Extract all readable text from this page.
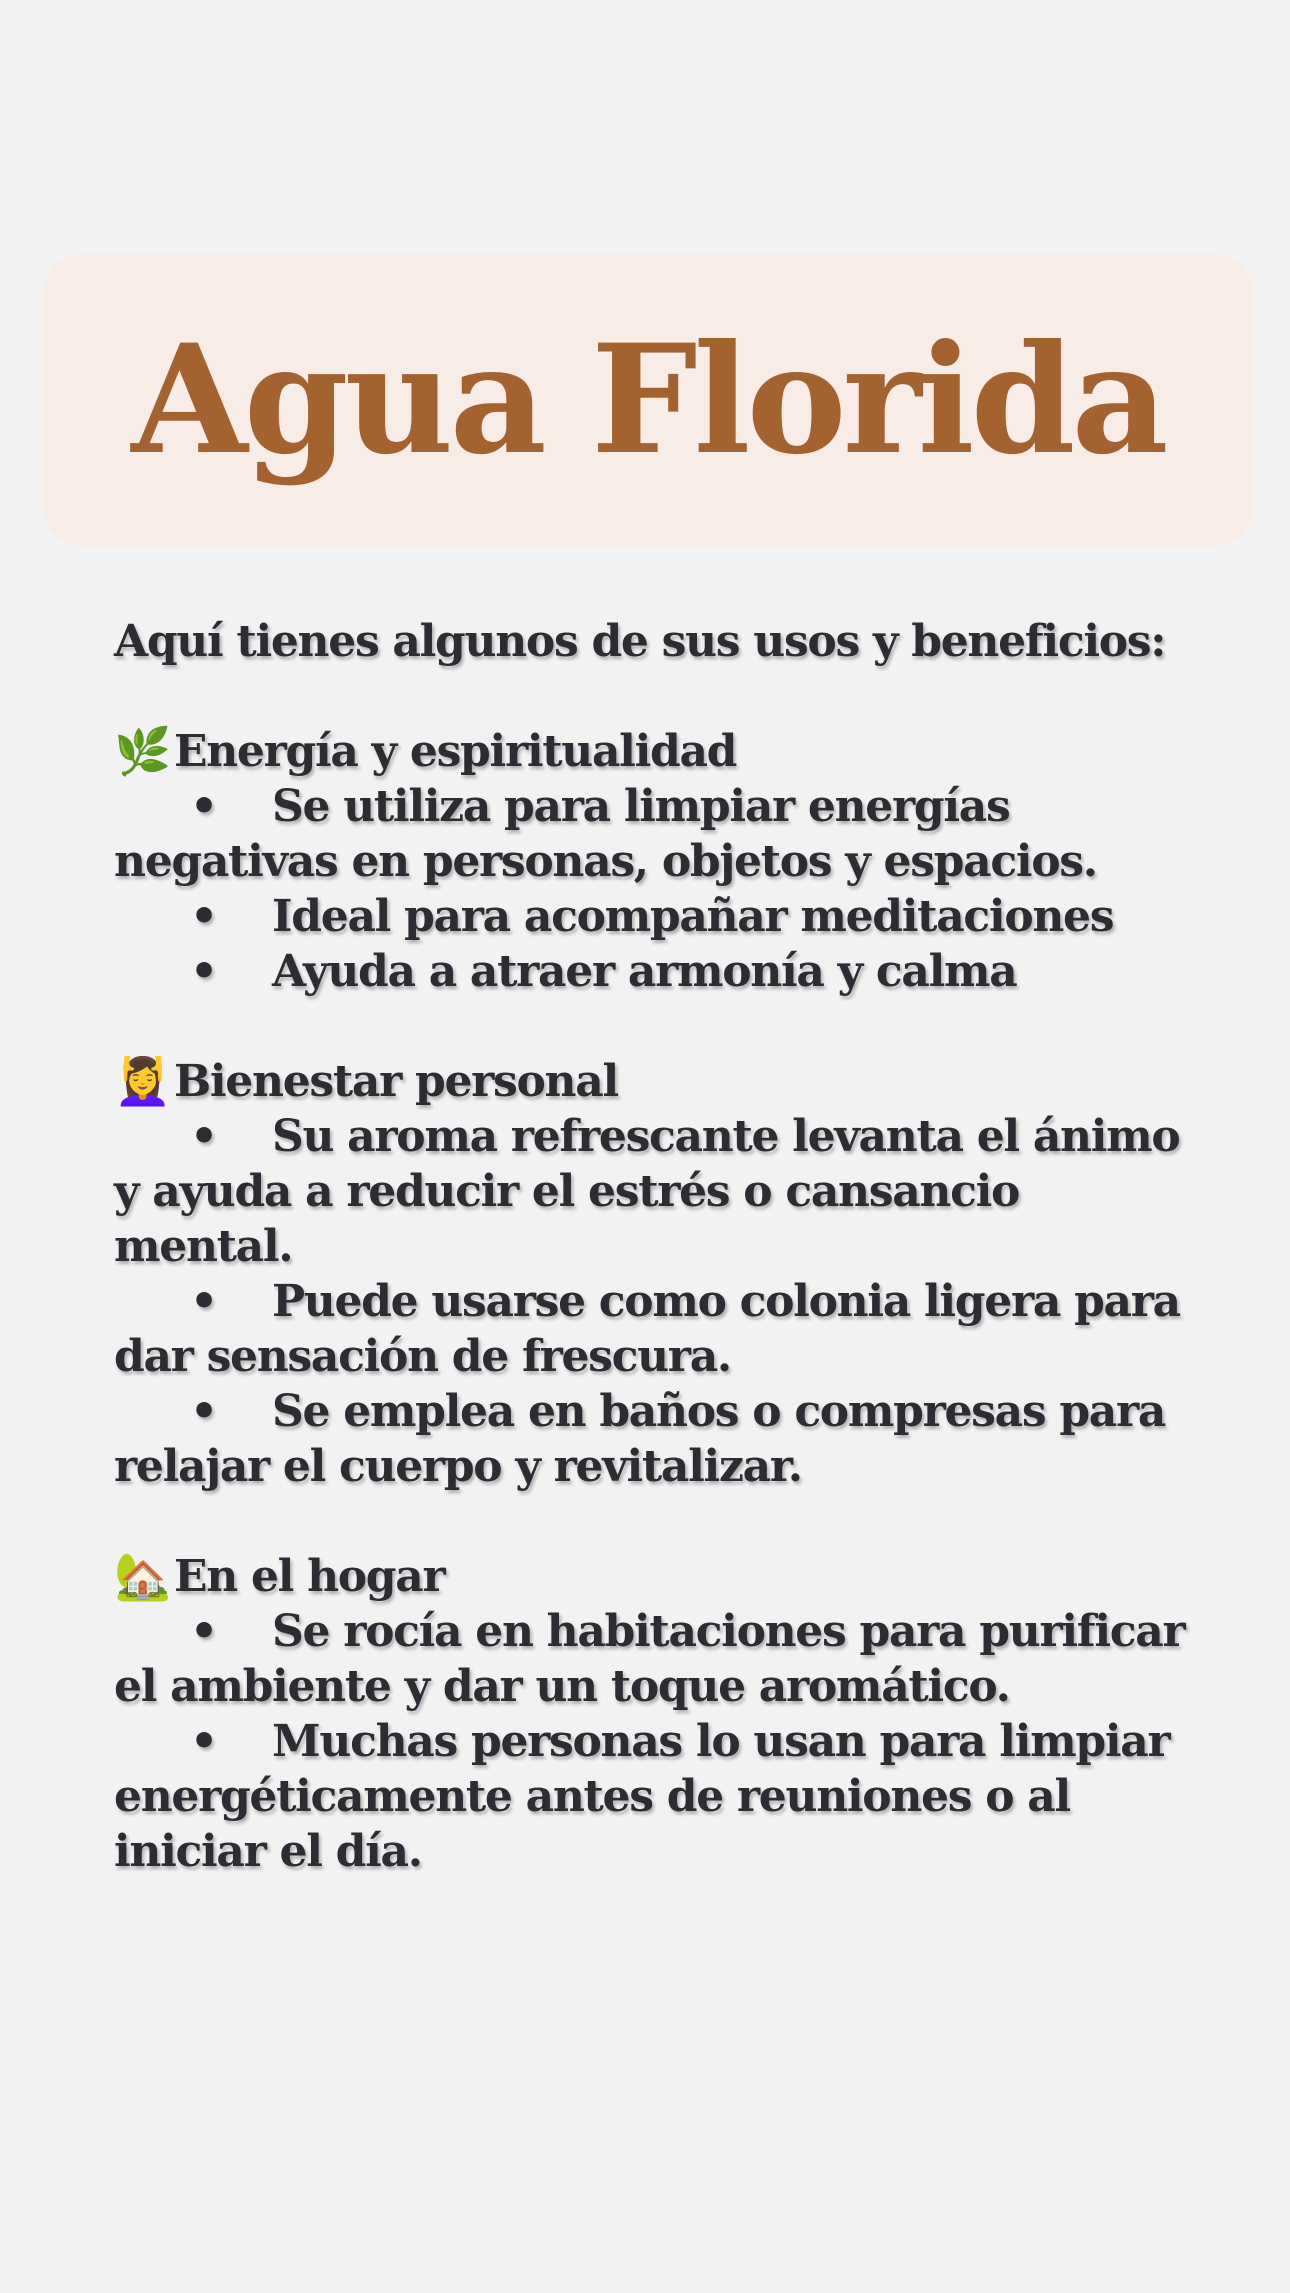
Agua Florida

Aquí tienes algunos de sus usos y beneficios:

🌿 Energía y espiritualidad
• Se utiliza para limpiar energías negativas en personas, objetos y espacios.
• Ideal para acompañar meditaciones
• Ayuda a atraer armonía y calma
💆‍♀️ Bienestar personal
• Su aroma refrescante levanta el ánimo y ayuda a reducir el estrés o cansancio mental.
• Puede usarse como colonia ligera para dar sensación de frescura.
• Se emplea en baños o compresas para relajar el cuerpo y revitalizar.
🏡 En el hogar
• Se rocía en habitaciones para purificar el ambiente y dar un toque aromático.
• Muchas personas lo usan para limpiar energéticamente antes de reuniones o al iniciar el día.
